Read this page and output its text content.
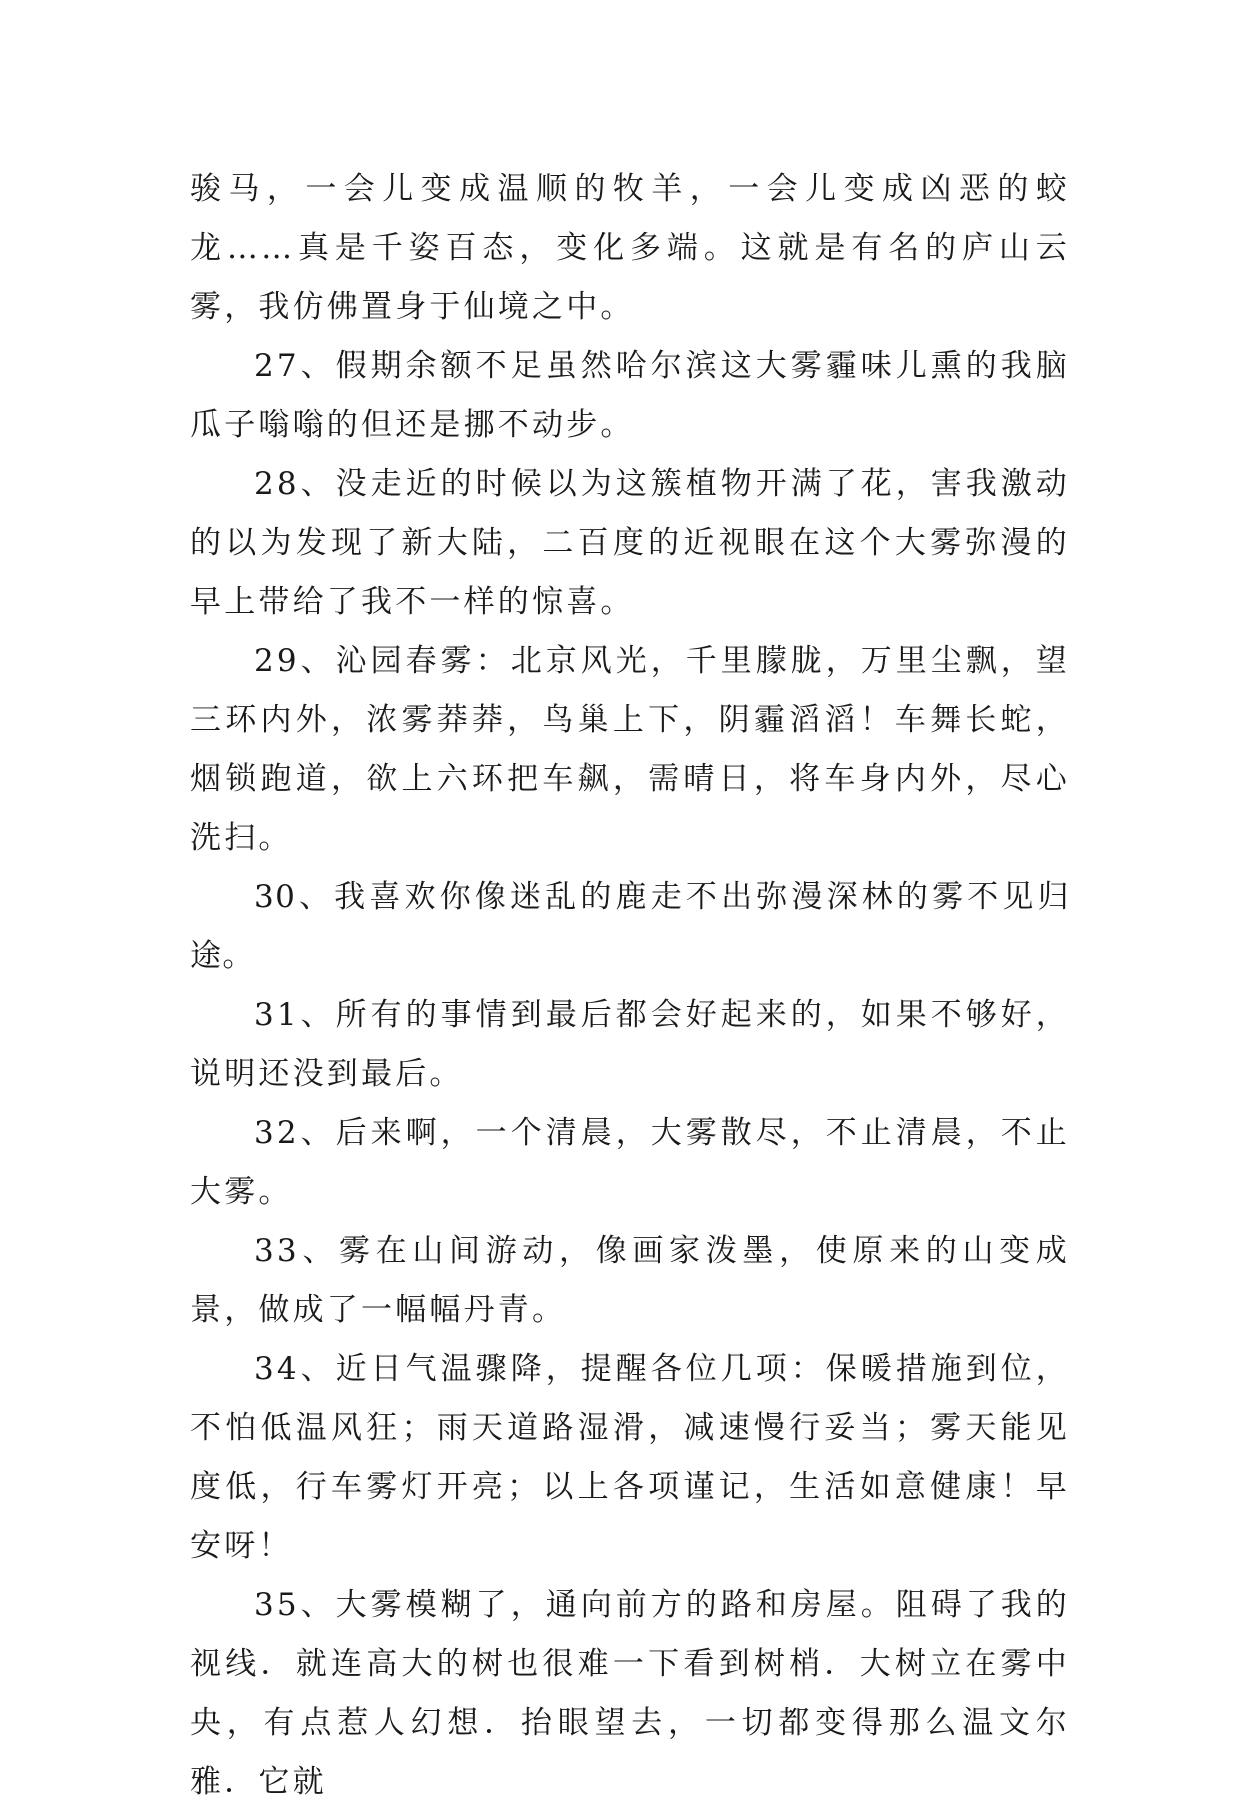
骏马，一会儿变成温顺的牧羊，一会儿变成凶恶的蛟龙……真是千姿百态，变化多端。这就是有名的庐山云雾，我仿佛置身于仙境之中。

27、假期余额不足虽然哈尔滨这大雾霾味儿熏的我脑瓜子嗡嗡的但还是挪不动步。

28、没走近的时候以为这簇植物开满了花，害我激动的以为发现了新大陆，二百度的近视眼在这个大雾弥漫的早上带给了我不一样的惊喜。

29、沁园春雾：北京风光，千里朦胧，万里尘飘，望三环内外，浓雾莽莽，鸟巢上下，阴霾滔滔！车舞长蛇，烟锁跑道，欲上六环把车飙，需晴日，将车身内外，尽心洗扫。

30、我喜欢你像迷乱的鹿走不出弥漫深林的雾不见归途。

31、所有的事情到最后都会好起来的，如果不够好，说明还没到最后。

32、后来啊，一个清晨，大雾散尽，不止清晨，不止大雾。

33、雾在山间游动，像画家泼墨，使原来的山变成景，做成了一幅幅丹青。

34、近日气温骤降，提醒各位几项：保暖措施到位，不怕低温风狂；雨天道路湿滑，减速慢行妥当；雾天能见度低，行车雾灯开亮；以上各项谨记，生活如意健康！早安呀！

35、大雾模糊了，通向前方的路和房屋。阻碍了我的视线．就连高大的树也很难一下看到树梢．大树立在雾中央，有点惹人幻想．抬眼望去，一切都变得那么温文尔雅．它就
